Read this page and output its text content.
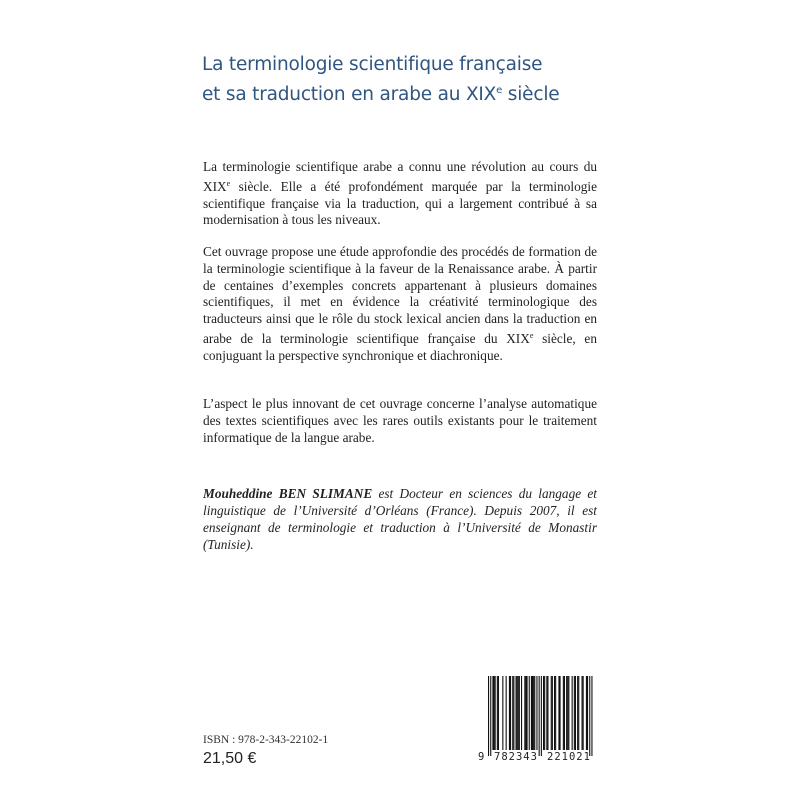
La terminologie scientifique française
et sa traduction en arabe au XIXe siècle

La terminologie scientifique arabe a connu une révolution au cours du XIXe siècle. Elle a été profondément marquée par la terminologie scientifique française via la traduction, qui a largement contribué à sa modernisation à tous les niveaux.

Cet ouvrage propose une étude approfondie des procédés de formation de la terminologie scientifique à la faveur de la Renaissance arabe. À partir de centaines d’exemples concrets appartenant à plusieurs domaines scientifiques, il met en évidence la créativité terminologique des traducteurs ainsi que le rôle du stock lexical ancien dans la traduction en arabe de la terminologie scientifique française du XIXe siècle, en conjuguant la perspective synchronique et diachronique.

L’aspect le plus innovant de cet ouvrage concerne l’analyse automatique des textes scientifiques avec les rares outils existants pour le traitement informatique de la langue arabe.

Mouheddine BEN SLIMANE est Docteur en sciences du langage et linguistique de l’Université d’Orléans (France). Depuis 2007, il est enseignant de terminologie et traduction à l’Université de Monastir (Tunisie).

ISBN : 978-2-343-22102-1
21,50 €	9 782343 221021
